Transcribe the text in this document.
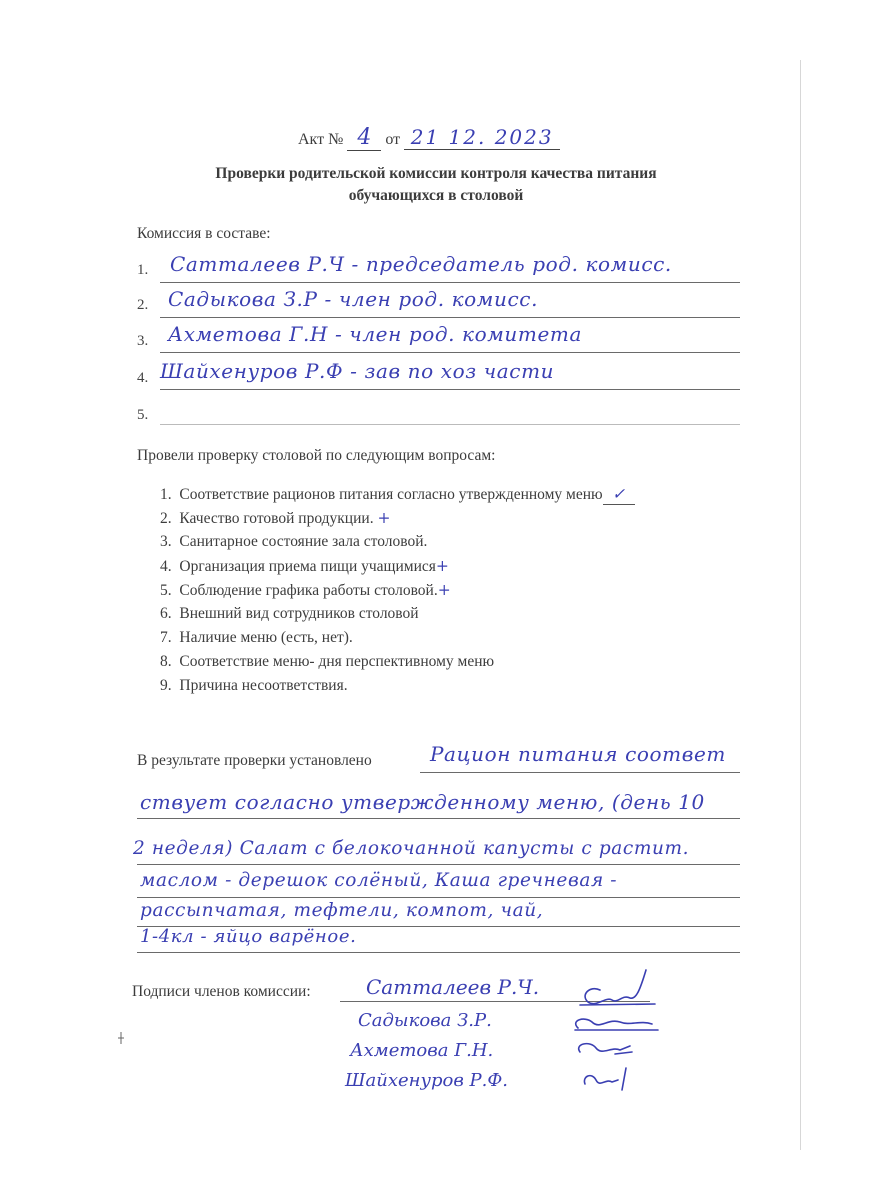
Акт № 4 от 21 12. 2023
Проверки родительской комиссии контроля качества питания
обучающихся в столовой
Комиссия в составе:
1. Сатталеев Р.Ч - председатель род. комисс.
2. Садыкова З.Р - член род. комисс.
3. Ахметова Г.Н - член род. комитета
4. Шайхенуров Р.Ф - зав по хоз части
5.
Провели проверку столовой по следующим вопросам:
1. Соответствие рационов питания согласно утвержденному меню ✓
2. Качество готовой продукции. +
3. Санитарное состояние зала столовой.
4. Организация приема пищи учащимися+
5. Соблюдение графика работы столовой.+
6. Внешний вид сотрудников столовой
7. Наличие меню (есть, нет).
8. Соответствие меню- дня перспективному меню
9. Причина несоответствия.
В результате проверки установлено	Рацион питания соответ
ствует согласно утвержденному меню, (день 10
2 неделя) Салат с белокочанной капусты с растит.
маслом - дерешок солёный, Каша гречневая -
рассыпчатая, тефтели, компот, чай,
1-4кл - яйцо варёное.
Подписи членов комиссии:	Сатталеев Р.Ч.
Садыкова З.Р.
Ахметова Г.Н.
Шайхенуров Р.Ф.
